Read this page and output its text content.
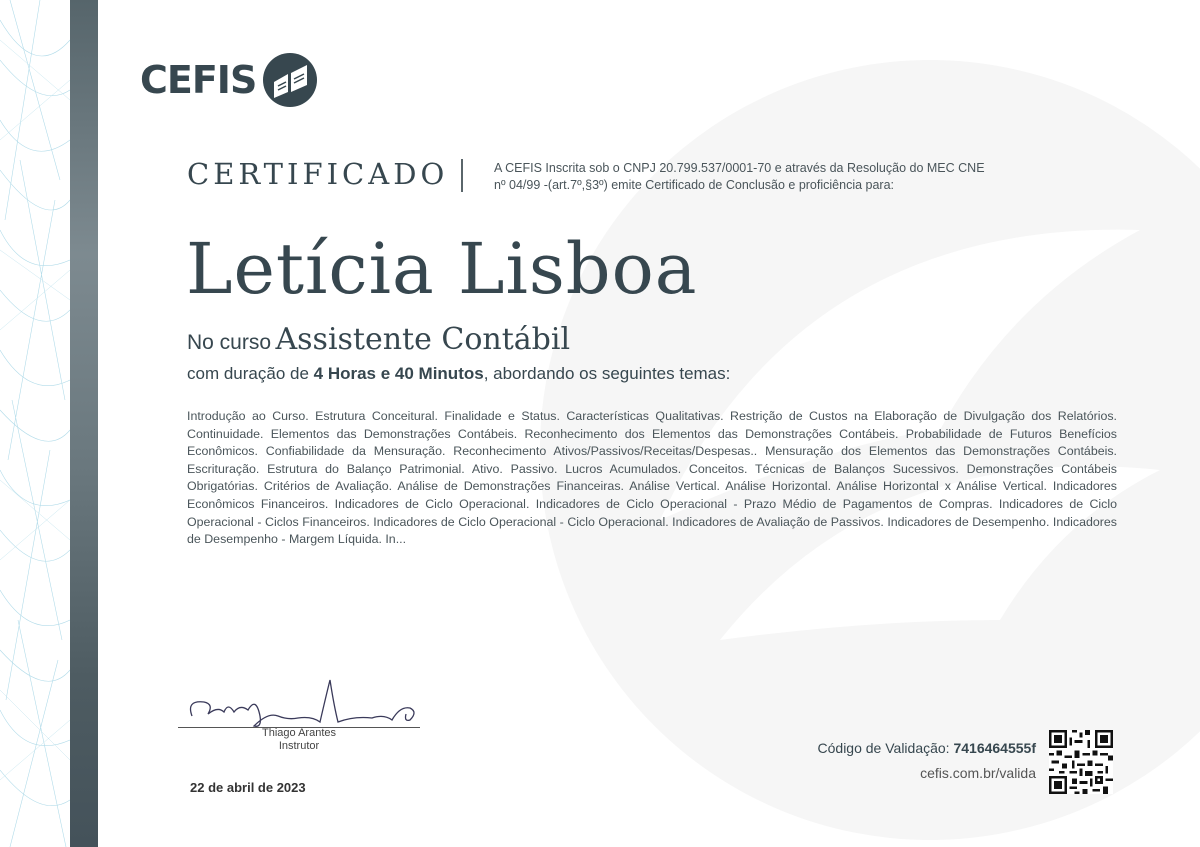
CEFIS
CERTIFICADO	A CEFIS Inscrita sob o CNPJ 20.799.537/0001-70 e através da Resolução do MEC CNE
nº 04/99 -(art.7º,§3º) emite Certificado de Conclusão e proficiência para:
Letícia Lisboa
No curso Assistente Contábil
com duração de 4 Horas e 40 Minutos, abordando os seguintes temas:
Introdução ao Curso. Estrutura Conceitural. Finalidade e Status. Características Qualitativas. Restrição de Custos na Elaboração de Divulgação dos Relatórios. Continuidade. Elementos das Demonstrações Contábeis. Reconhecimento dos Elementos das Demonstrações Contábeis. Probabilidade de Futuros Benefícios Econômicos. Confiabilidade da Mensuração. Reconhecimento Ativos/Passivos/Receitas/Despesas.. Mensuração dos Elementos das Demonstrações Contábeis. Escrituração. Estrutura do Balanço Patrimonial. Ativo. Passivo. Lucros Acumulados. Conceitos. Técnicas de Balanços Sucessivos. Demonstrações Contábeis Obrigatórias. Critérios de Avaliação. Análise de Demonstrações Financeiras. Análise Vertical. Análise Horizontal. Análise Horizontal x Análise Vertical. Indicadores Econômicos Financeiros. Indicadores de Ciclo Operacional. Indicadores de Ciclo Operacional - Prazo Médio de Pagamentos de Compras. Indicadores de Ciclo Operacional - Ciclos Financeiros. Indicadores de Ciclo Operacional - Ciclo Operacional. Indicadores de Avaliação de Passivos. Indicadores de Desempenho. Indicadores de Desempenho - Margem Líquida. In...
Thiago Arantes
Instrutor
22 de abril de 2023
Código de Validação: 7416464555f
cefis.com.br/valida
